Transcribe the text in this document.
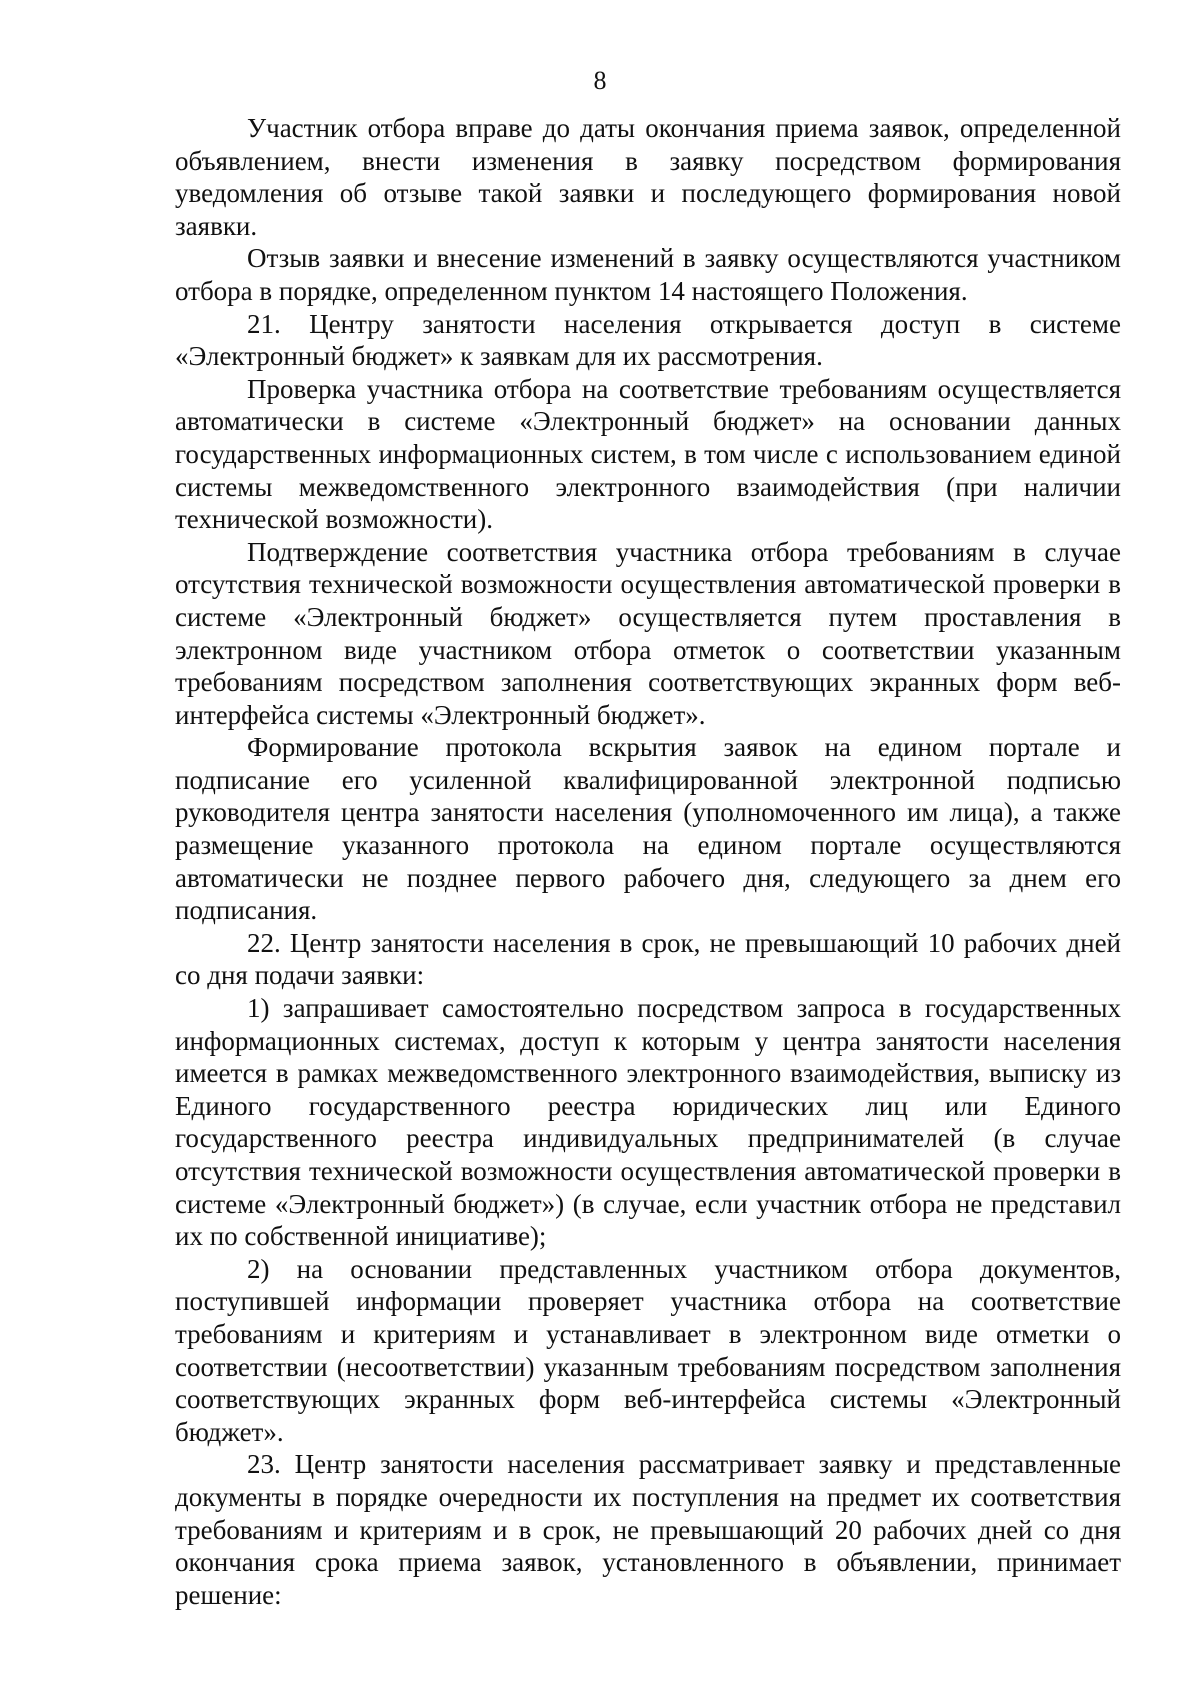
8

Участник отбора вправе до даты окончания приема заявок, определенной объявлением, внести изменения в заявку посредством формирования уведомления об отзыве такой заявки и последующего формирования новой заявки.

Отзыв заявки и внесение изменений в заявку осуществляются участником отбора в порядке, определенном пунктом 14 настоящего Положения.

21. Центру занятости населения открывается доступ в системе «Электронный бюджет» к заявкам для их рассмотрения.

Проверка участника отбора на соответствие требованиям осуществляется автоматически в системе «Электронный бюджет» на основании данных государственных информационных систем, в том числе с использованием единой системы межведомственного электронного взаимодействия (при наличии технической возможности).

Подтверждение соответствия участника отбора требованиям в случае отсутствия технической возможности осуществления автоматической проверки в системе «Электронный бюджет» осуществляется путем проставления в электронном виде участником отбора отметок о соответствии указанным требованиям посредством заполнения соответствующих экранных форм веб-интерфейса системы «Электронный бюджет».

Формирование протокола вскрытия заявок на едином портале и подписание его усиленной квалифицированной электронной подписью руководителя центра занятости населения (уполномоченного им лица), а также размещение указанного протокола на едином портале осуществляются автоматически не позднее первого рабочего дня, следующего за днем его подписания.

22. Центр занятости населения в срок, не превышающий 10 рабочих дней со дня подачи заявки:

1) запрашивает самостоятельно посредством запроса в государственных информационных системах, доступ к которым у центра занятости населения имеется в рамках межведомственного электронного взаимодействия, выписку из Единого государственного реестра юридических лиц или Единого государственного реестра индивидуальных предпринимателей (в случае отсутствия технической возможности осуществления автоматической проверки в системе «Электронный бюджет») (в случае, если участник отбора не представил их по собственной инициативе);

2) на основании представленных участником отбора документов, поступившей информации проверяет участника отбора на соответствие требованиям и критериям и устанавливает в электронном виде отметки о соответствии (несоответствии) указанным требованиям посредством заполнения соответствующих экранных форм веб-интерфейса системы «Электронный бюджет».

23. Центр занятости населения рассматривает заявку и представленные документы в порядке очередности их поступления на предмет их соответствия требованиям и критериям и в срок, не превышающий 20 рабочих дней со дня окончания срока приема заявок, установленного в объявлении, принимает решение:
